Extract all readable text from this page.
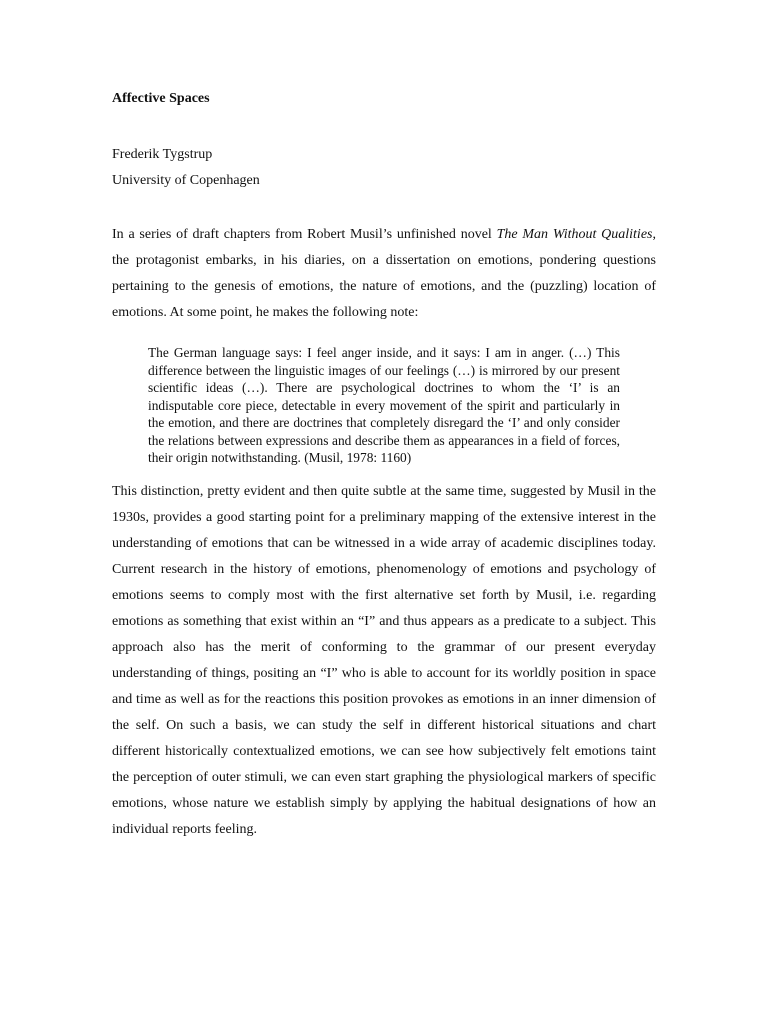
Affective Spaces
Frederik Tygstrup
University of Copenhagen

In a series of draft chapters from Robert Musil’s unfinished novel The Man Without Qualities, the protagonist embarks, in his diaries, on a dissertation on emotions, pondering questions pertaining to the genesis of emotions, the nature of emotions, and the (puzzling) location of emotions. At some point, he makes the following note:

The German language says: I feel anger inside, and it says: I am in anger. (…) This difference between the linguistic images of our feelings (…) is mirrored by our present scientific ideas (…). There are psychological doctrines to whom the ‘I’ is an indisputable core piece, detectable in every movement of the spirit and particularly in the emotion, and there are doctrines that completely disregard the ‘I’ and only consider the relations between expressions and describe them as appearances in a field of forces, their origin notwithstanding. (Musil, 1978: 1160)

This distinction, pretty evident and then quite subtle at the same time, suggested by Musil in the 1930s, provides a good starting point for a preliminary mapping of the extensive interest in the understanding of emotions that can be witnessed in a wide array of academic disciplines today. Current research in the history of emotions, phenomenology of emotions and psychology of emotions seems to comply most with the first alternative set forth by Musil, i.e. regarding emotions as something that exist within an “I” and thus appears as a predicate to a subject. This approach also has the merit of conforming to the grammar of our present everyday understanding of things, positing an “I” who is able to account for its worldly position in space and time as well as for the reactions this position provokes as emotions in an inner dimension of the self. On such a basis, we can study the self in different historical situations and chart different historically contextualized emotions, we can see how subjectively felt emotions taint the perception of outer stimuli, we can even start graphing the physiological markers of specific emotions, whose nature we establish simply by applying the habitual designations of how an individual reports feeling.
